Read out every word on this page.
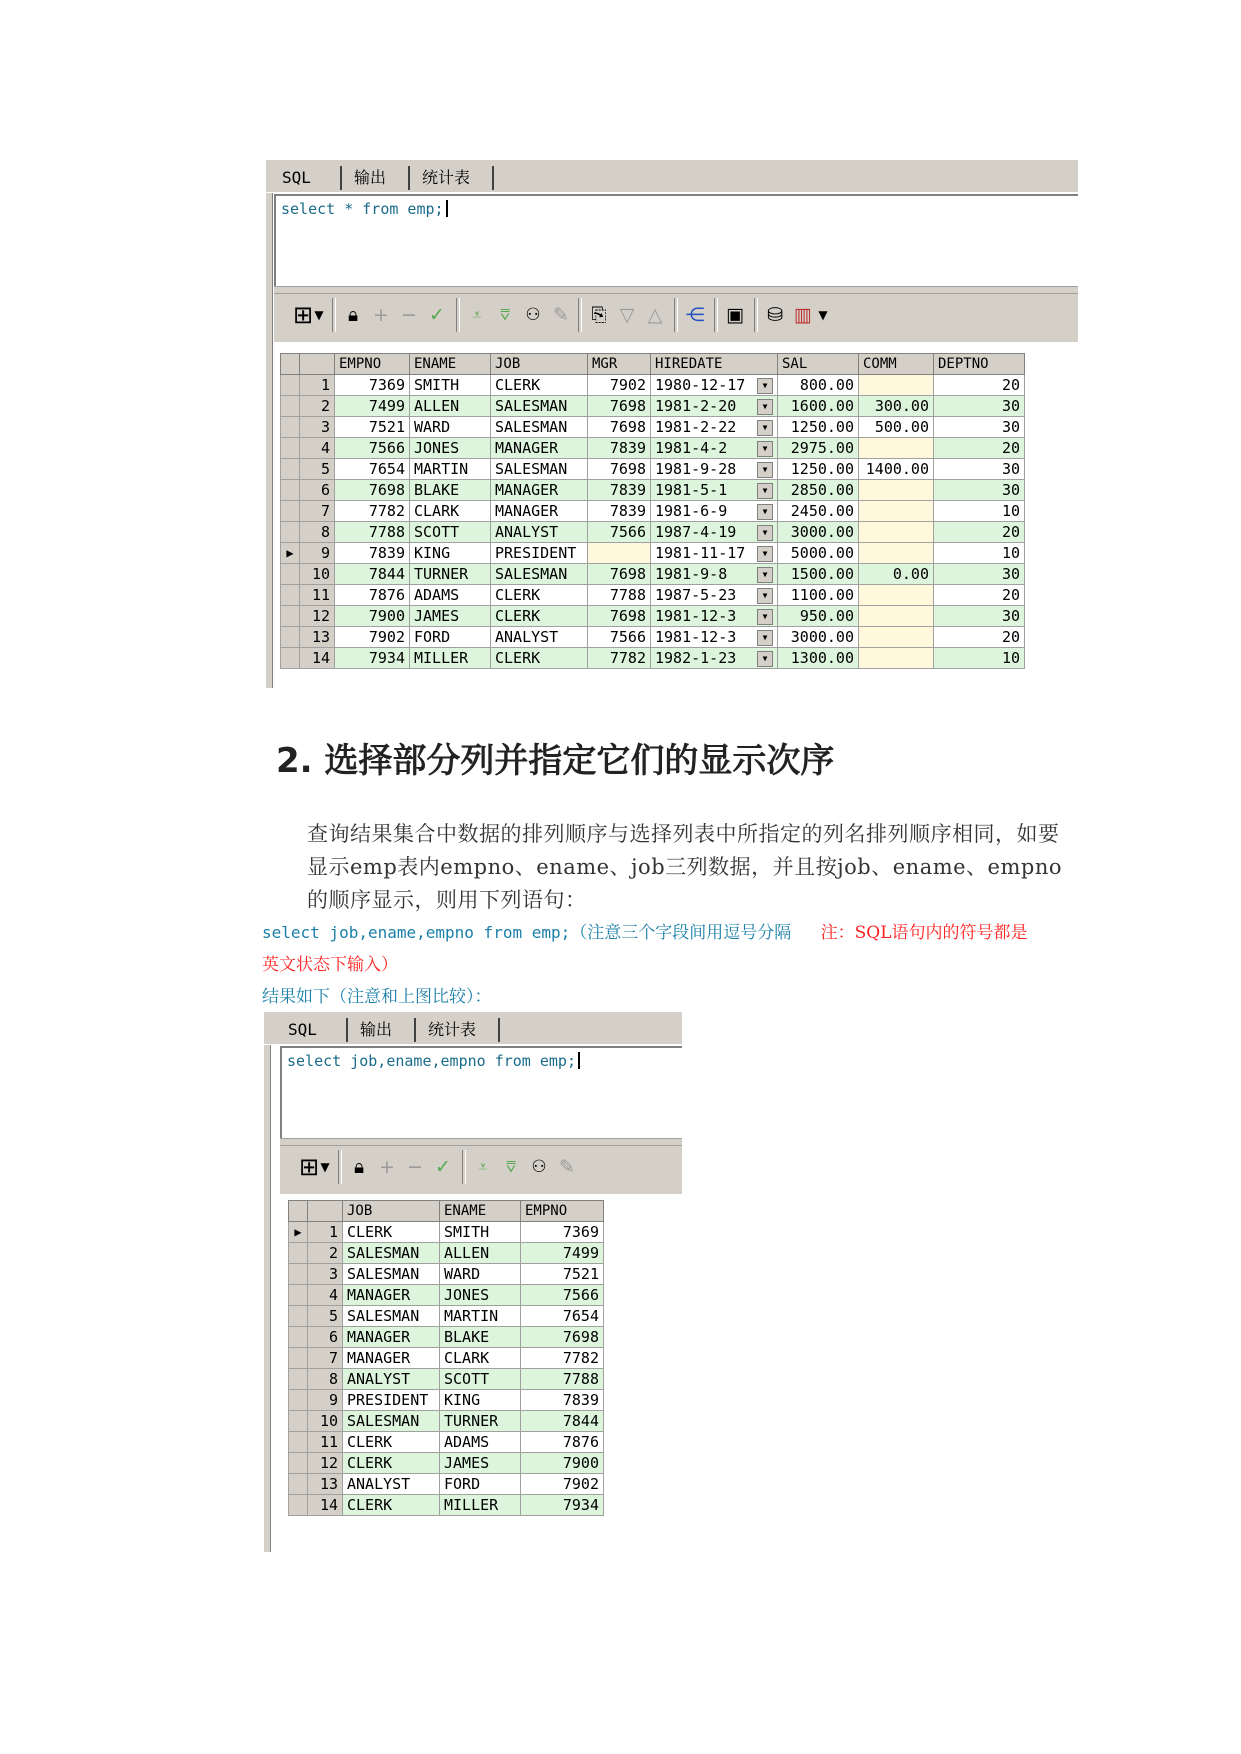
SQL	输出	统计表
select * from emp;
⊞ ▼	🔒︎ + − ✓	⩡	⩢ ⚇ ✎ ⎘ ▽ △ ⋲ ▣ ⛁ ▥ ▼
		EMPNO	ENAME	JOB	MGR	HIREDATE	SAL	COMM	DEPTNO
	1	7369	SMITH	CLERK	7902	1980-12-17 ▼	800.00		20
	2	7499	ALLEN	SALESMAN	7698	1981-2-20 ▼	1600.00	300.00	30
	3	7521	WARD	SALESMAN	7698	1981-2-22 ▼	1250.00	500.00	30
	4	7566	JONES	MANAGER	7839	1981-4-2 ▼	2975.00		20
	5	7654	MARTIN	SALESMAN	7698	1981-9-28 ▼	1250.00	1400.00	30
	6	7698	BLAKE	MANAGER	7839	1981-5-1 ▼	2850.00		30
	7	7782	CLARK	MANAGER	7839	1981-6-9 ▼	2450.00		10
	8	7788	SCOTT	ANALYST	7566	1987-4-19 ▼	3000.00		20
▶	9	7839	KING	PRESIDENT		1981-11-17 ▼	5000.00		10
	10	7844	TURNER	SALESMAN	7698	1981-9-8 ▼	1500.00	0.00	30
	11	7876	ADAMS	CLERK	7788	1987-5-23 ▼	1100.00		20
	12	7900	JAMES	CLERK	7698	1981-12-3 ▼	950.00		30
	13	7902	FORD	ANALYST	7566	1981-12-3 ▼	3000.00		20
	14	7934	MILLER	CLERK	7782	1982-1-23 ▼	1300.00		10
2. 选择部分列并指定它们的显示次序
查询结果集合中数据的排列顺序与选择列表中所指定的列名排列顺序相同，如要显示emp表内empno、ename、job三列数据，并且按job、ename、empno的顺序显示，则用下列语句：
select job,ename,empno from emp;（注意三个字段间用逗号分隔 注：SQL语句内的符号都是
英文状态下输入）
结果如下（注意和上图比较）：
SQL	输出	统计表
select job,ename,empno from emp;
⊞ ▼	🔒︎ + − ✓	⩡	⩢ ⚇ ✎
		JOB	ENAME	EMPNO
▶	1	CLERK	SMITH	7369
	2	SALESMAN	ALLEN	7499
	3	SALESMAN	WARD	7521
	4	MANAGER	JONES	7566
	5	SALESMAN	MARTIN	7654
	6	MANAGER	BLAKE	7698
	7	MANAGER	CLARK	7782
	8	ANALYST	SCOTT	7788
	9	PRESIDENT	KING	7839
	10	SALESMAN	TURNER	7844
	11	CLERK	ADAMS	7876
	12	CLERK	JAMES	7900
	13	ANALYST	FORD	7902
	14	CLERK	MILLER	7934
